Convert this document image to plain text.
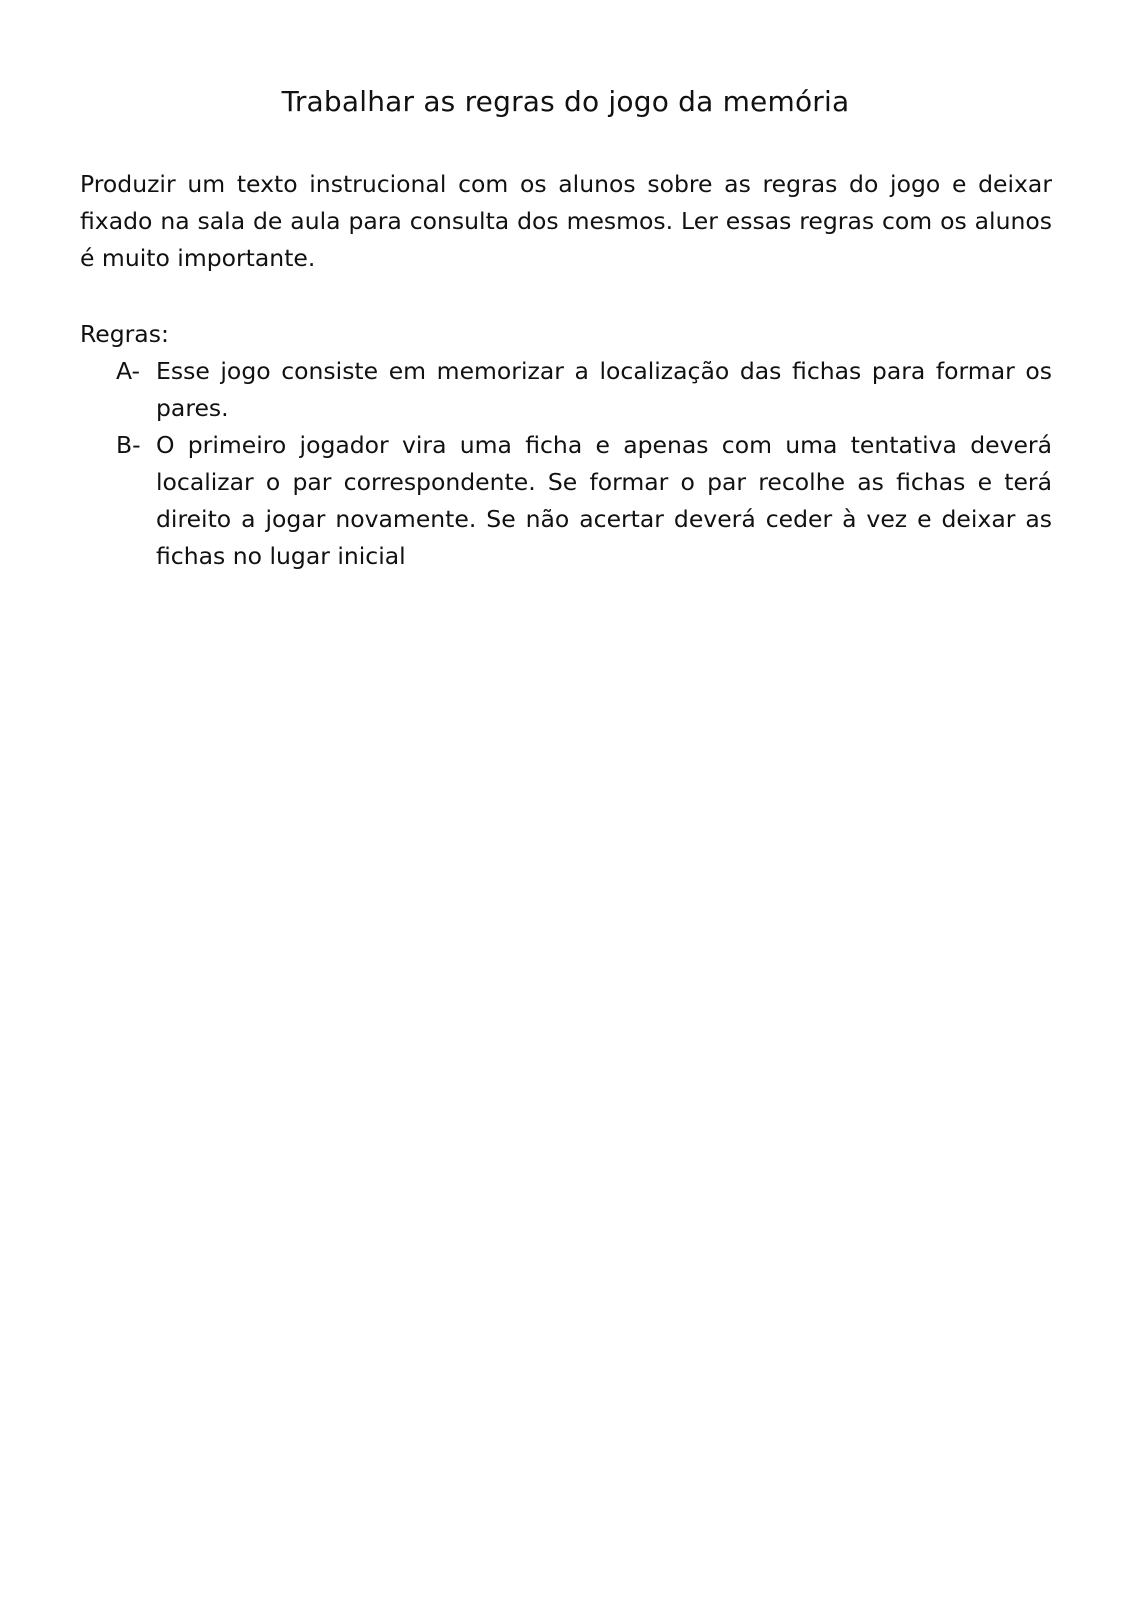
Trabalhar as regras do jogo da memória

Produzir um texto instrucional com os alunos sobre as regras do jogo e deixar fixado na sala de aula para consulta dos mesmos. Ler essas regras com os alunos é muito importante.

Regras:

A- Esse jogo consiste em memorizar a localização das fichas para formar os pares.
B- O primeiro jogador vira uma ficha e apenas com uma tentativa deverá localizar o par correspondente. Se formar o par recolhe as fichas e terá direito a jogar novamente. Se não acertar deverá ceder à vez e deixar as fichas no lugar inicial
